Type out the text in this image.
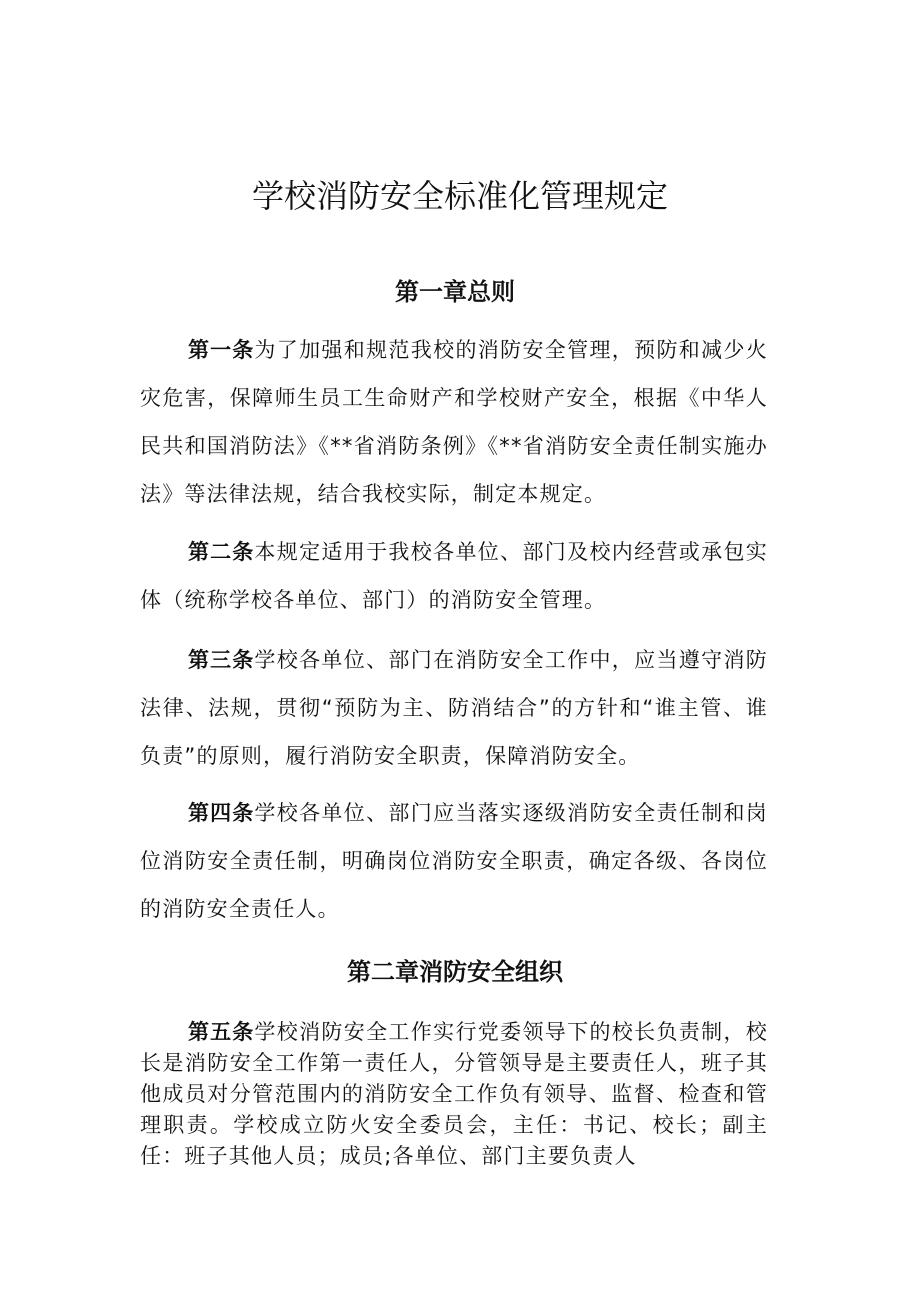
学校消防安全标准化管理规定
第一章总则

第一条为了加强和规范我校的消防安全管理，预防和减少火灾危害，保障师生员工生命财产和学校财产安全，根据《中华人民共和国消防法》《**省消防条例》《**省消防安全责任制实施办法》等法律法规，结合我校实际，制定本规定。

第二条本规定适用于我校各单位、部门及校内经营或承包实体（统称学校各单位、部门）的消防安全管理。

第三条学校各单位、部门在消防安全工作中，应当遵守消防法律、法规，贯彻“预防为主、防消结合”的方针和“谁主管、谁负责”的原则，履行消防安全职责，保障消防安全。

第四条学校各单位、部门应当落实逐级消防安全责任制和岗位消防安全责任制，明确岗位消防安全职责，确定各级、各岗位的消防安全责任人。

第二章消防安全组织

第五条学校消防安全工作实行党委领导下的校长负责制，校长是消防安全工作第一责任人，分管领导是主要责任人，班子其他成员对分管范围内的消防安全工作负有领导、监督、检查和管理职责。学校成立防火安全委员会，主任：书记、校长；副主任：班子其他人员；成员;各单位、部门主要负责人
